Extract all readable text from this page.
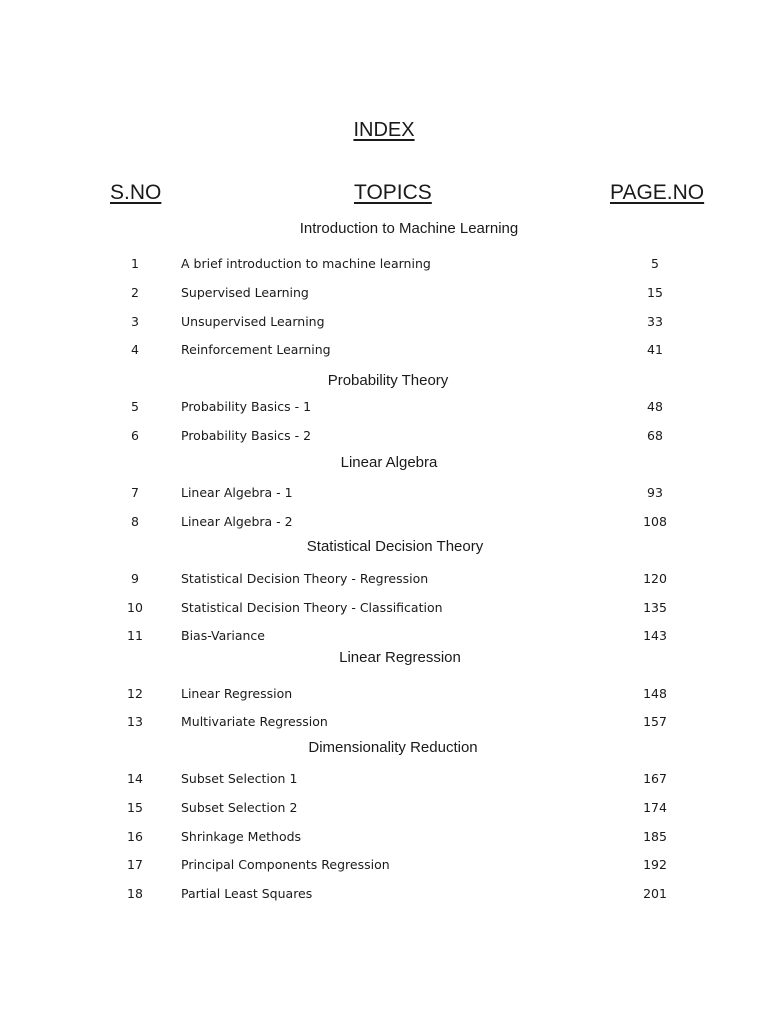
INDEX
S.NO	TOPICS	PAGE.NO
Introduction to Machine Learning
1	A brief introduction to machine learning	5
2	Supervised Learning	15
3	Unsupervised Learning	33
4	Reinforcement Learning	41
Probability Theory
5	Probability Basics - 1	48
6	Probability Basics - 2	68
Linear Algebra
7	Linear Algebra - 1	93
8	Linear Algebra - 2	108
Statistical Decision Theory
9	Statistical Decision Theory - Regression	120
10	Statistical Decision Theory - Classification	135
11	Bias-Variance	143
Linear Regression
12	Linear Regression	148
13	Multivariate Regression	157
Dimensionality Reduction
14	Subset Selection 1	167
15	Subset Selection 2	174
16	Shrinkage Methods	185
17	Principal Components Regression	192
18	Partial Least Squares	201
